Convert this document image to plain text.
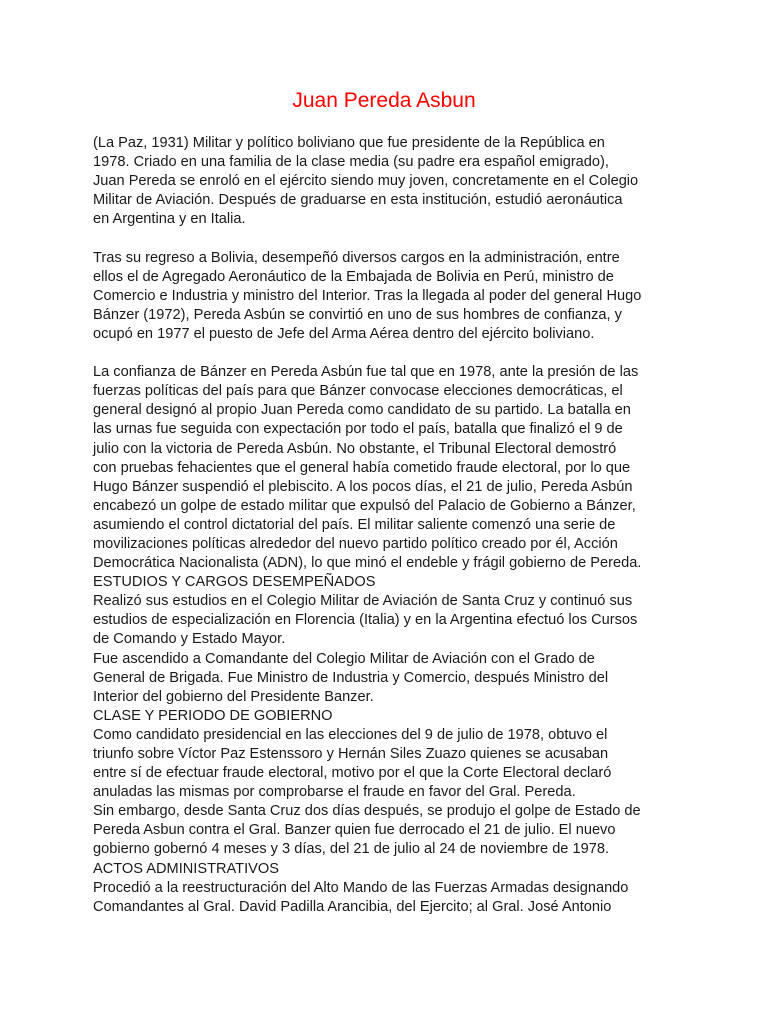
Juan Pereda Asbun
(La Paz, 1931) Militar y político boliviano que fue presidente de la República en
1978. Criado en una familia de la clase media (su padre era español emigrado),
Juan Pereda se enroló en el ejército siendo muy joven, concretamente en el Colegio
Militar de Aviación. Después de graduarse en esta institución, estudió aeronáutica
en Argentina y en Italia.
Tras su regreso a Bolivia, desempeñó diversos cargos en la administración, entre
ellos el de Agregado Aeronáutico de la Embajada de Bolivia en Perú, ministro de
Comercio e Industria y ministro del Interior. Tras la llegada al poder del general Hugo
Bánzer (1972), Pereda Asbún se convirtió en uno de sus hombres de confianza, y
ocupó en 1977 el puesto de Jefe del Arma Aérea dentro del ejército boliviano.
La confianza de Bánzer en Pereda Asbún fue tal que en 1978, ante la presión de las
fuerzas políticas del país para que Bánzer convocase elecciones democráticas, el
general designó al propio Juan Pereda como candidato de su partido. La batalla en
las urnas fue seguida con expectación por todo el país, batalla que finalizó el 9 de
julio con la victoria de Pereda Asbún. No obstante, el Tribunal Electoral demostró
con pruebas fehacientes que el general había cometido fraude electoral, por lo que
Hugo Bánzer suspendió el plebiscito. A los pocos días, el 21 de julio, Pereda Asbún
encabezó un golpe de estado militar que expulsó del Palacio de Gobierno a Bánzer,
asumiendo el control dictatorial del país. El militar saliente comenzó una serie de
movilizaciones políticas alrededor del nuevo partido político creado por él, Acción
Democrática Nacionalista (ADN), lo que minó el endeble y frágil gobierno de Pereda.
ESTUDIOS Y CARGOS DESEMPEÑADOS
Realizó sus estudios en el Colegio Militar de Aviación de Santa Cruz y continuó sus
estudios de especialización en Florencia (Italia) y en la Argentina efectuó los Cursos
de Comando y Estado Mayor.
Fue ascendido a Comandante del Colegio Militar de Aviación con el Grado de
General de Brigada. Fue Ministro de Industria y Comercio, después Ministro del
Interior del gobierno del Presidente Banzer.
CLASE Y PERIODO DE GOBIERNO
Como candidato presidencial en las elecciones del 9 de julio de 1978, obtuvo el
triunfo sobre Víctor Paz Estenssoro y Hernán Siles Zuazo quienes se acusaban
entre sí de efectuar fraude electoral, motivo por el que la Corte Electoral declaró
anuladas las mismas por comprobarse el fraude en favor del Gral. Pereda.
Sin embargo, desde Santa Cruz dos días después, se produjo el golpe de Estado de
Pereda Asbun contra el Gral. Banzer quien fue derrocado el 21 de julio. El nuevo
gobierno gobernó 4 meses y 3 días, del 21 de julio al 24 de noviembre de 1978.
ACTOS ADMINISTRATIVOS
Procedió a la reestructuración del Alto Mando de las Fuerzas Armadas designando
Comandantes al Gral. David Padilla Arancibia, del Ejercito; al Gral. José Antonio
